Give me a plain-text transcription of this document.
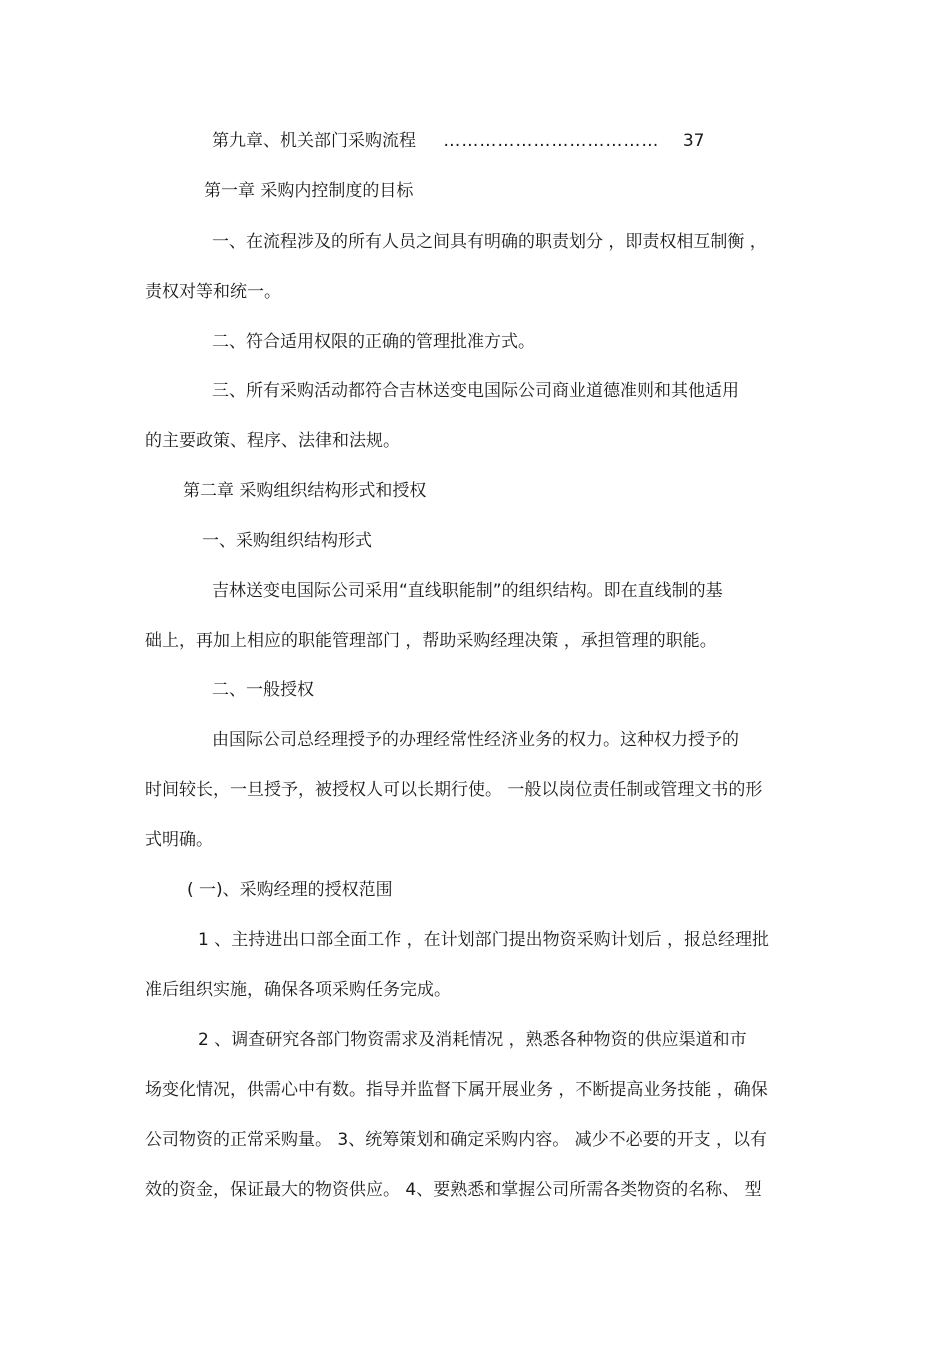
第九章、机关部门采购流程 ……………………………… 37
第一章 采购内控制度的目标
一、在流程涉及的所有人员之间具有明确的职责划分 ，即责权相互制衡 ，
责权对等和统一。
二、符合适用权限的正确的管理批准方式。
三、所有采购活动都符合吉林送变电国际公司商业道德准则和其他适用
的主要政策、程序、法律和法规。
第二章 采购组织结构形式和授权
一、采购组织结构形式
吉林送变电国际公司采用“直线职能制”的组织结构。即在直线制的基
础上，再加上相应的职能管理部门 ，帮助采购经理决策 ，承担管理的职能。
二、一般授权
由国际公司总经理授予的办理经常性经济业务的权力。这种权力授予的
时间较长，一旦授予，被授权人可以长期行使。 一般以岗位责任制或管理文书的形
式明确。
( 一)、采购经理的授权范围
1 、主持进出口部全面工作 ，在计划部门提出物资采购计划后 ，报总经理批
准后组织实施，确保各项采购任务完成。
2 、调查研究各部门物资需求及消耗情况 ，熟悉各种物资的供应渠道和市
场变化情况，供需心中有数。指导并监督下属开展业务 ，不断提高业务技能 ，确保
公司物资的正常采购量。 3、统筹策划和确定采购内容。 减少不必要的开支 ，以有
效的资金，保证最大的物资供应。 4、要熟悉和掌握公司所需各类物资的名称、 型
